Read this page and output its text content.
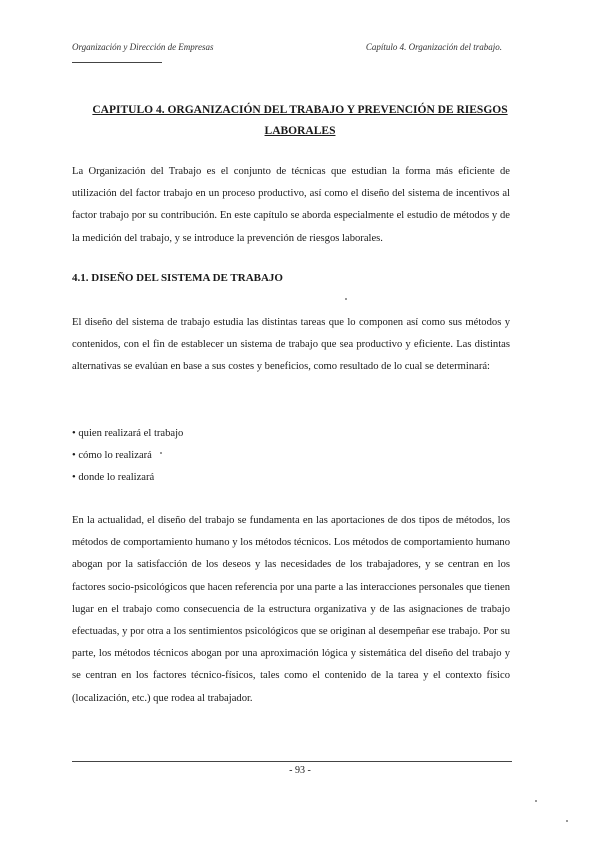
Organización y Dirección de Empresas	Capítulo 4. Organización del trabajo.
CAPITULO 4. ORGANIZACIÓN DEL TRABAJO Y PREVENCIÓN DE RIESGOS LABORALES

La Organización del Trabajo es el conjunto de técnicas que estudian la forma más eficiente de utilización del factor trabajo en un proceso productivo, así como el diseño del sistema de incentivos al factor trabajo por su contribución. En este capítulo se aborda especialmente el estudio de métodos y de la medición del trabajo, y se introduce la prevención de riesgos laborales.

4.1. DISEÑO DEL SISTEMA DE TRABAJO

El diseño del sistema de trabajo estudia las distintas tareas que lo componen así como sus métodos y contenidos, con el fin de establecer un sistema de trabajo que sea productivo y eficiente. Las distintas alternativas se evalúan en base a sus costes y beneficios, como resultado de lo cual se determinará:

• quien realizará el trabajo
• cómo lo realizará
• donde lo realizará

En la actualidad, el diseño del trabajo se fundamenta en las aportaciones de dos tipos de métodos, los métodos de comportamiento humano y los métodos técnicos. Los métodos de comportamiento humano abogan por la satisfacción de los deseos y las necesidades de los trabajadores, y se centran en los factores socio-psicológicos que hacen referencia por una parte a las interacciones personales que tienen lugar en el trabajo como consecuencia de la estructura organizativa y de las asignaciones de trabajo efectuadas, y por otra a los sentimientos psicológicos que se originan al desempeñar ese trabajo. Por su parte, los métodos técnicos abogan por una aproximación lógica y sistemática del diseño del trabajo y se centran en los factores técnico-físicos, tales como el contenido de la tarea y el contexto físico (localización, etc.) que rodea al trabajador.

- 93 -
